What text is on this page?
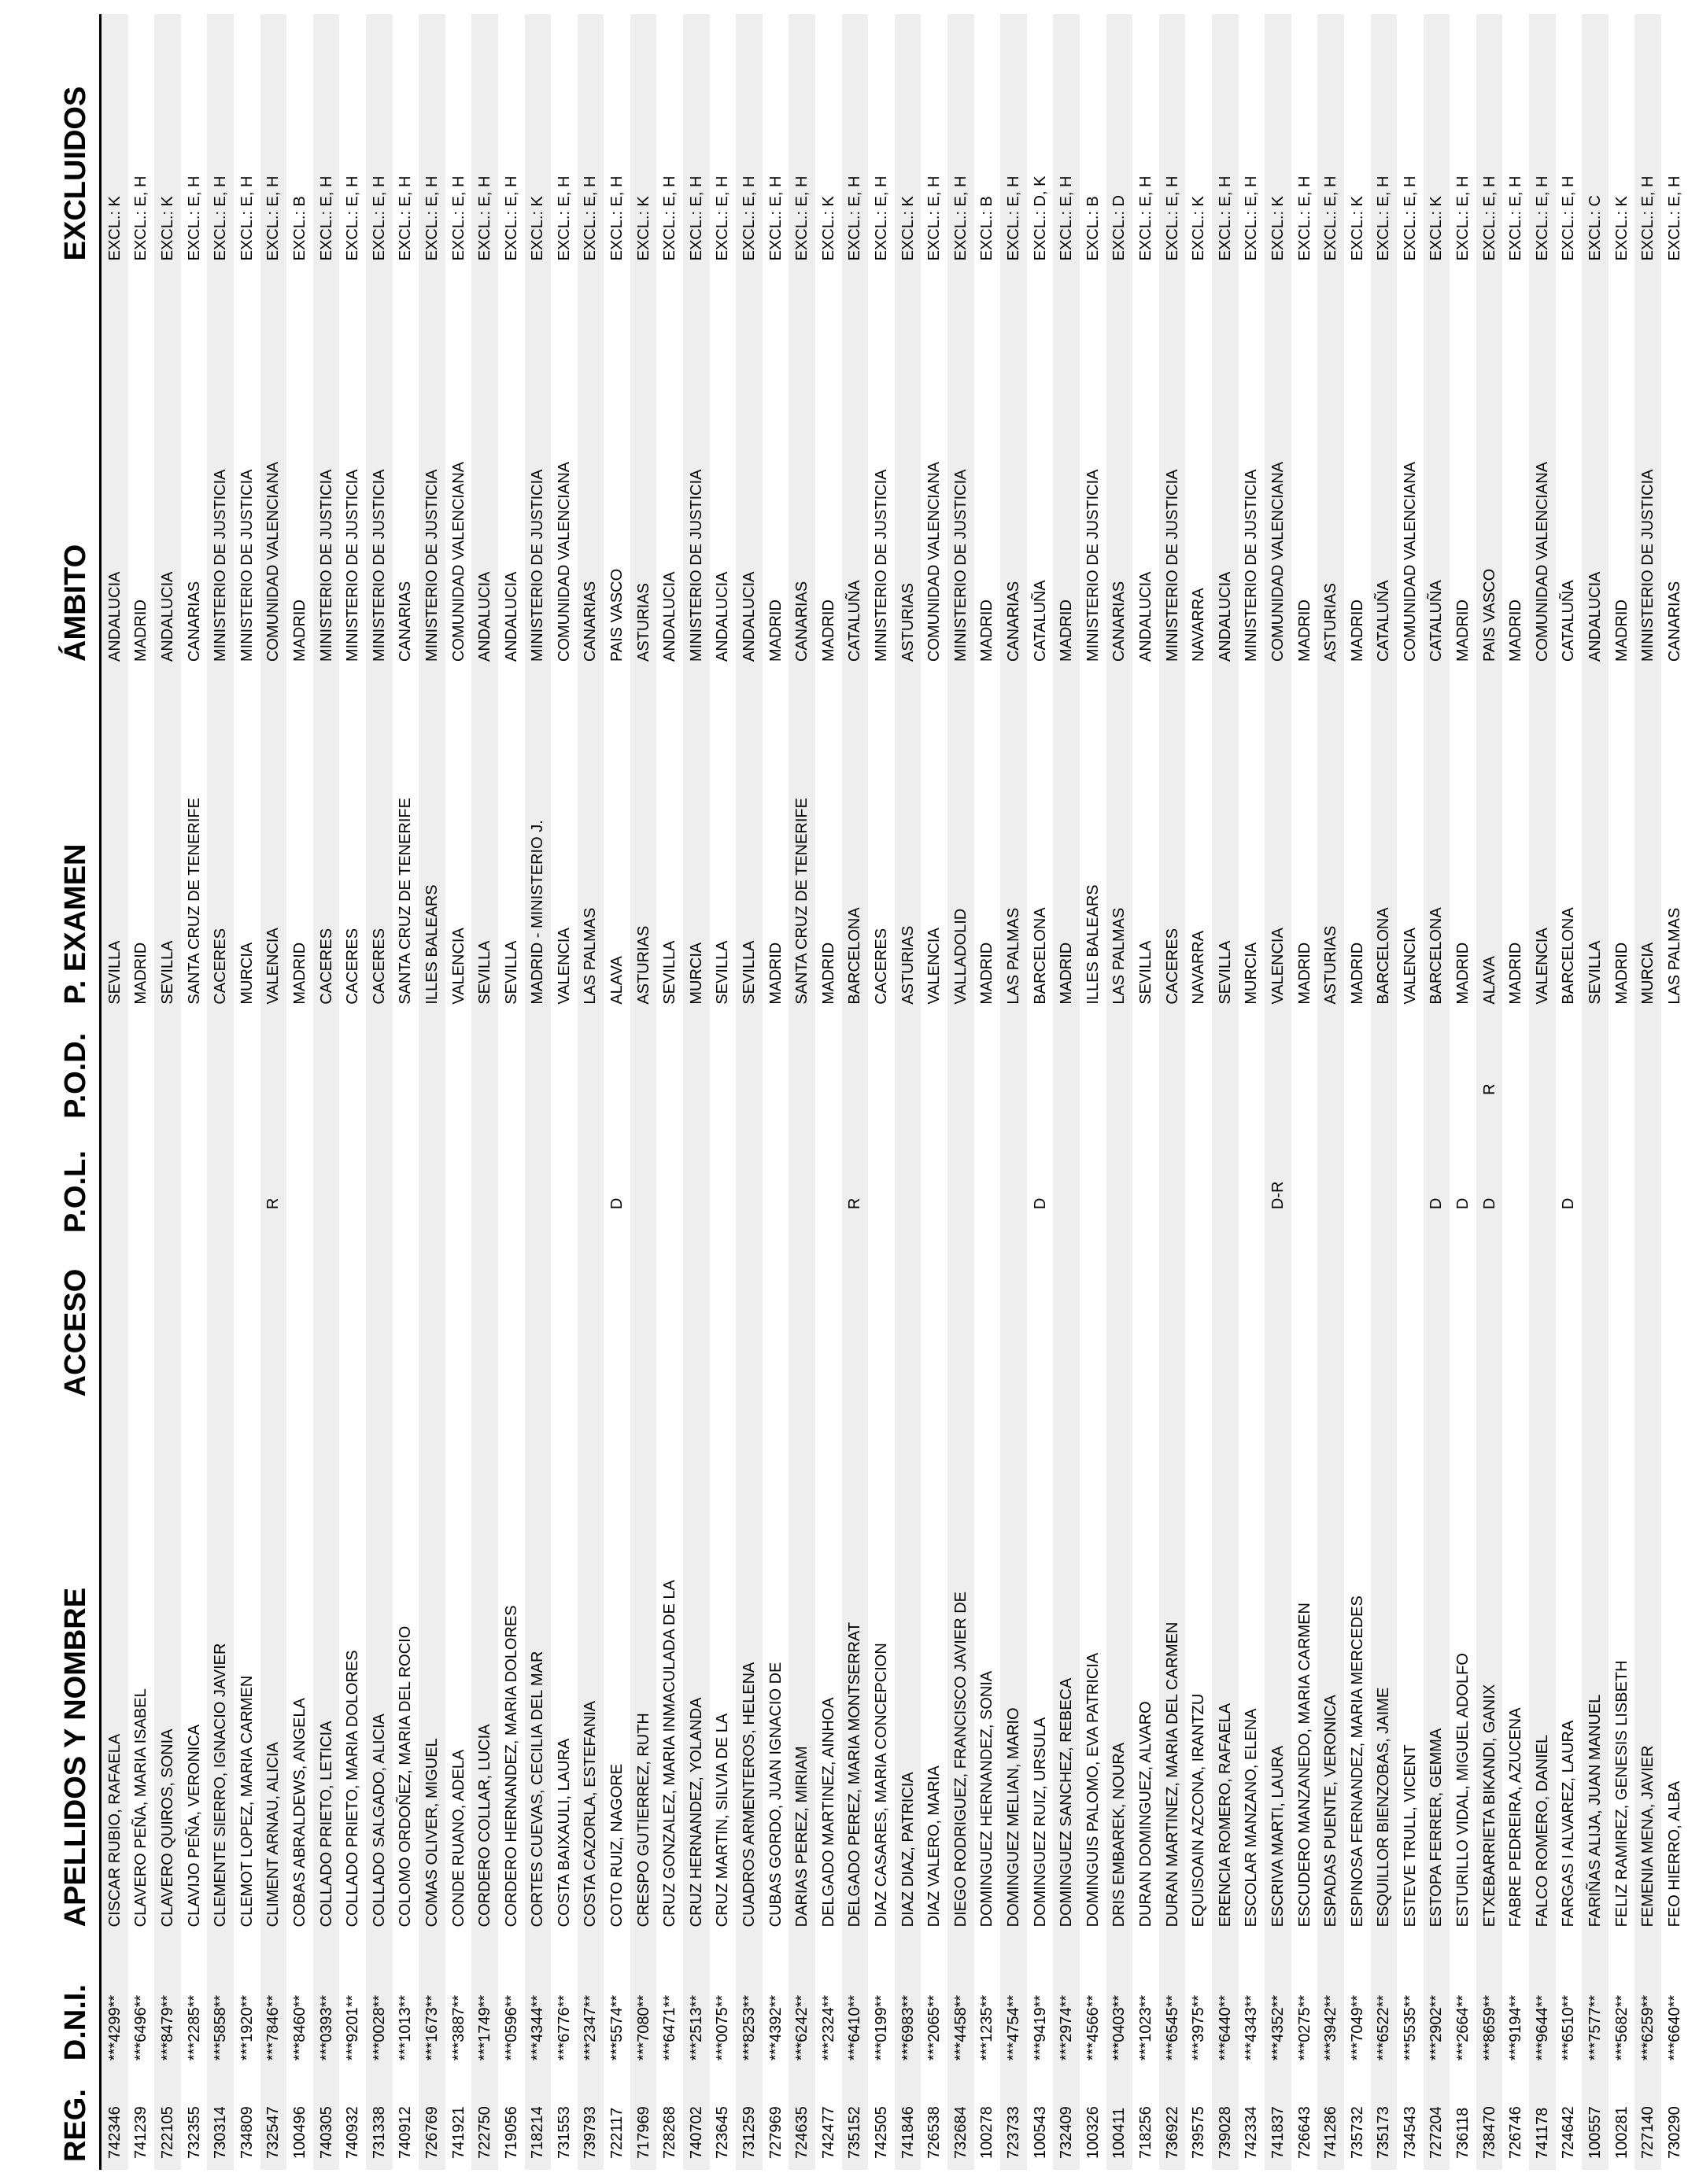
REG.	D.N.I.	APELLIDOS Y NOMBRE	ACCESO	P.O.L.	P.O.D.	P. EXAMEN	ÁMBITO	EXCLUIDOS
742346	***4299**	CISCAR RUBIO, RAFAELA				SEVILLA	ANDALUCIA	EXCL.: K
741239	***6496**	CLAVERO PEÑA, MARIA ISABEL				MADRID	MADRID	EXCL.: E, H
722105	***8479**	CLAVERO QUIROS, SONIA				SEVILLA	ANDALUCIA	EXCL.: K
732355	***2285**	CLAVIJO PEÑA, VERONICA				SANTA CRUZ DE TENERIFE	CANARIAS	EXCL.: E, H
730314	***5858**	CLEMENTE SIERRO, IGNACIO JAVIER				CACERES	MINISTERIO DE JUSTICIA	EXCL.: E, H
734809	***1920**	CLEMOT LOPEZ, MARIA CARMEN				MURCIA	MINISTERIO DE JUSTICIA	EXCL.: E, H
732547	***7846**	CLIMENT ARNAU, ALICIA		R		VALENCIA	COMUNIDAD VALENCIANA	EXCL.: E, H
100496	***8460**	COBAS ABRALDEWS, ANGELA				MADRID	MADRID	EXCL.: B
740305	***0393**	COLLADO PRIETO, LETICIA				CACERES	MINISTERIO DE JUSTICIA	EXCL.: E, H
740932	***9201**	COLLADO PRIETO, MARIA DOLORES				CACERES	MINISTERIO DE JUSTICIA	EXCL.: E, H
731338	***0028**	COLLADO SALGADO, ALICIA				CACERES	MINISTERIO DE JUSTICIA	EXCL.: E, H
740912	***1013**	COLOMO ORDOÑEZ, MARIA DEL ROCIO				SANTA CRUZ DE TENERIFE	CANARIAS	EXCL.: E, H
726769	***1673**	COMAS OLIVER, MIGUEL				ILLES BALEARS	MINISTERIO DE JUSTICIA	EXCL.: E, H
741921	***3887**	CONDE RUANO, ADELA				VALENCIA	COMUNIDAD VALENCIANA	EXCL.: E, H
722750	***1749**	CORDERO COLLAR, LUCIA				SEVILLA	ANDALUCIA	EXCL.: E, H
719056	***0596**	CORDERO HERNANDEZ, MARIA DOLORES				SEVILLA	ANDALUCIA	EXCL.: E, H
718214	***4344**	CORTES CUEVAS, CECILIA DEL MAR				MADRID - MINISTERIO J.	MINISTERIO DE JUSTICIA	EXCL.: K
731553	***6776**	COSTA BAIXAULI, LAURA				VALENCIA	COMUNIDAD VALENCIANA	EXCL.: E, H
739793	***2347**	COSTA CAZORLA, ESTEFANIA				LAS PALMAS	CANARIAS	EXCL.: E, H
722117	***5574**	COTO RUIZ, NAGORE		D		ALAVA	PAIS VASCO	EXCL.: E, H
717969	***7080**	CRESPO GUTIERREZ, RUTH				ASTURIAS	ASTURIAS	EXCL.: K
728268	***6471**	CRUZ GONZALEZ, MARIA INMACULADA DE LA				SEVILLA	ANDALUCIA	EXCL.: E, H
740702	***2513**	CRUZ HERNANDEZ, YOLANDA				MURCIA	MINISTERIO DE JUSTICIA	EXCL.: E, H
723645	***0075**	CRUZ MARTIN, SILVIA DE LA				SEVILLA	ANDALUCIA	EXCL.: E, H
731259	***8253**	CUADROS ARMENTEROS, HELENA				SEVILLA	ANDALUCIA	EXCL.: E, H
727969	***4392**	CUBAS GORDO, JUAN IGNACIO DE				MADRID	MADRID	EXCL.: E, H
724635	***6242**	DARIAS PEREZ, MIRIAM				SANTA CRUZ DE TENERIFE	CANARIAS	EXCL.: E, H
742477	***2324**	DELGADO MARTINEZ, AINHOA				MADRID	MADRID	EXCL.: K
735152	***6410**	DELGADO PEREZ, MARIA MONTSERRAT		R		BARCELONA	CATALUÑA	EXCL.: E, H
742505	***0199**	DIAZ CASARES, MARIA CONCEPCION				CACERES	MINISTERIO DE JUSTICIA	EXCL.: E, H
741846	***6983**	DIAZ DIAZ, PATRICIA				ASTURIAS	ASTURIAS	EXCL.: K
726538	***2065**	DIAZ VALERO, MARIA				VALENCIA	COMUNIDAD VALENCIANA	EXCL.: E, H
732684	***4458**	DIEGO RODRIGUEZ, FRANCISCO JAVIER DE				VALLADOLID	MINISTERIO DE JUSTICIA	EXCL.: E, H
100278	***1235**	DOMINGUEZ HERNANDEZ, SONIA				MADRID	MADRID	EXCL.: B
723733	***4754**	DOMINGUEZ MELIAN, MARIO				LAS PALMAS	CANARIAS	EXCL.: E, H
100543	***9419**	DOMINGUEZ RUIZ, URSULA		D		BARCELONA	CATALUÑA	EXCL.: D, K
732409	***2974**	DOMINGUEZ SANCHEZ, REBECA				MADRID	MADRID	EXCL.: E, H
100326	***4566**	DOMINGUIS PALOMO, EVA PATRICIA				ILLES BALEARS	MINISTERIO DE JUSTICIA	EXCL.: B
100411	***0403**	DRIS EMBAREK, NOURA				LAS PALMAS	CANARIAS	EXCL.: D
718256	***1023**	DURAN DOMINGUEZ, ALVARO				SEVILLA	ANDALUCIA	EXCL.: E, H
736922	***6545**	DURAN MARTINEZ, MARIA DEL CARMEN				CACERES	MINISTERIO DE JUSTICIA	EXCL.: E, H
739575	***3975**	EQUISOAIN AZCONA, IRANTZU				NAVARRA	NAVARRA	EXCL.: K
739028	***6440**	ERENCIA ROMERO, RAFAELA				SEVILLA	ANDALUCIA	EXCL.: E, H
742334	***4343**	ESCOLAR MANZANO, ELENA				MURCIA	MINISTERIO DE JUSTICIA	EXCL.: E, H
741837	***4352**	ESCRIVA MARTI, LAURA		D-R		VALENCIA	COMUNIDAD VALENCIANA	EXCL.: K
726643	***0275**	ESCUDERO MANZANEDO, MARIA CARMEN				MADRID	MADRID	EXCL.: E, H
741286	***3942**	ESPADAS PUENTE, VERONICA				ASTURIAS	ASTURIAS	EXCL.: E, H
735732	***7049**	ESPINOSA FERNANDEZ, MARIA MERCEDES				MADRID	MADRID	EXCL.: K
735173	***6522**	ESQUILLOR BIENZOBAS, JAIME				BARCELONA	CATALUÑA	EXCL.: E, H
734543	***5535**	ESTEVE TRULL, VICENT				VALENCIA	COMUNIDAD VALENCIANA	EXCL.: E, H
727204	***2902**	ESTOPA FERRER, GEMMA		D		BARCELONA	CATALUÑA	EXCL.: K
736118	***2664**	ESTURILLO VIDAL, MIGUEL ADOLFO		D		MADRID	MADRID	EXCL.: E, H
738470	***8659**	ETXEBARRIETA BIKANDI, GANIX		D	R	ALAVA	PAIS VASCO	EXCL.: E, H
726746	***9194**	FABRE PEDREIRA, AZUCENA				MADRID	MADRID	EXCL.: E, H
741178	***9644**	FALCO ROMERO, DANIEL				VALENCIA	COMUNIDAD VALENCIANA	EXCL.: E, H
724642	***6510**	FARGAS I ALVAREZ, LAURA		D		BARCELONA	CATALUÑA	EXCL.: E, H
100557	***7577**	FARIÑAS ALIJA, JUAN MANUEL				SEVILLA	ANDALUCIA	EXCL.: C
100281	***5682**	FELIZ RAMIREZ, GENESIS LISBETH				MADRID	MADRID	EXCL.: K
727140	***6259**	FEMENIA MENA, JAVIER				MURCIA	MINISTERIO DE JUSTICIA	EXCL.: E, H
730290	***6640**	FEO HIERRO, ALBA				LAS PALMAS	CANARIAS	EXCL.: E, H
